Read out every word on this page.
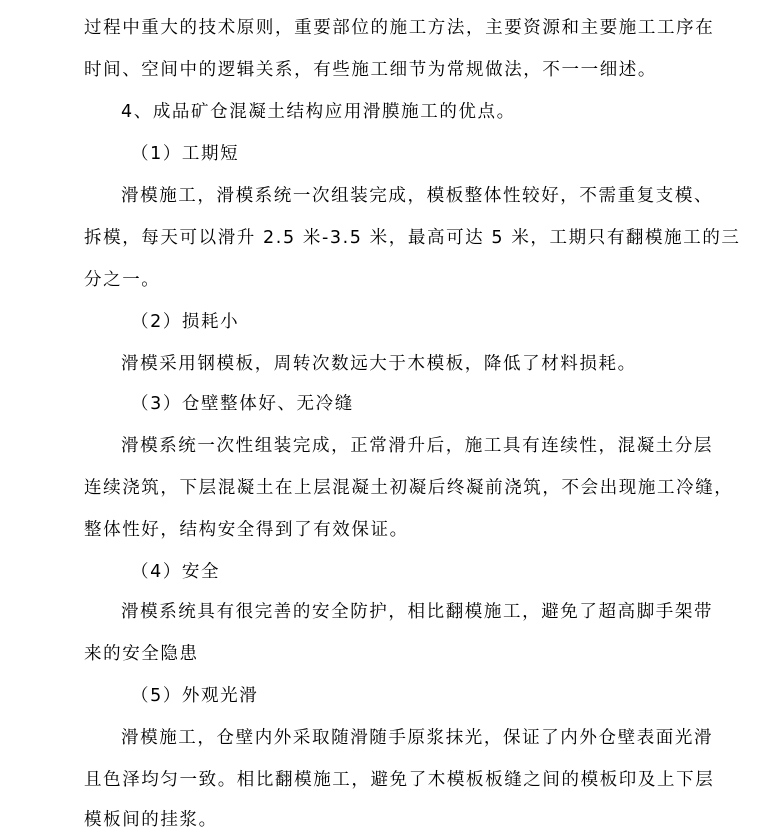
过程中重大的技术原则，重要部位的施工方法，主要资源和主要施工工序在
时间、空间中的逻辑关系，有些施工细节为常规做法，不一一细述。
4、成品矿仓混凝土结构应用滑膜施工的优点。
（1）工期短
滑模施工，滑模系统一次组装完成，模板整体性较好，不需重复支模、
拆模，每天可以滑升 2.5 米-3.5 米，最高可达 5 米，工期只有翻模施工的三
分之一。
（2）损耗小
滑模采用钢模板，周转次数远大于木模板，降低了材料损耗。
（3）仓壁整体好、无冷缝
滑模系统一次性组装完成，正常滑升后，施工具有连续性，混凝土分层
连续浇筑，下层混凝土在上层混凝土初凝后终凝前浇筑，不会出现施工冷缝，
整体性好，结构安全得到了有效保证。
（4）安全
滑模系统具有很完善的安全防护，相比翻模施工，避免了超高脚手架带
来的安全隐患
（5）外观光滑
滑模施工，仓壁内外采取随滑随手原浆抹光，保证了内外仓壁表面光滑
且色泽均匀一致。相比翻模施工，避免了木模板板缝之间的模板印及上下层
模板间的挂浆。
